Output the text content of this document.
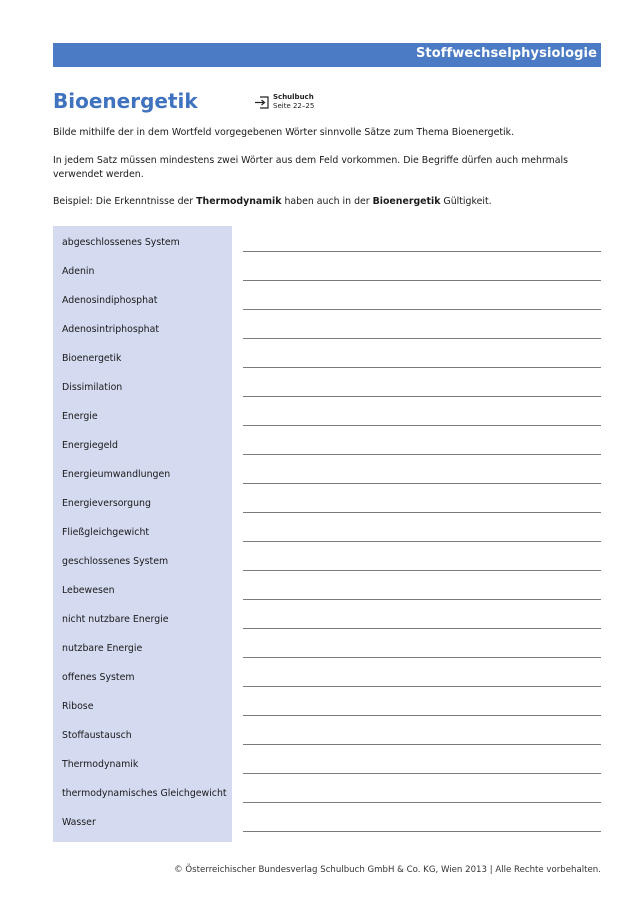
Stoffwechselphysiologie
Bioenergetik	Schulbuch
Seite 22–25

Bilde mithilfe der in dem Wortfeld vorgegebenen Wörter sinnvolle Sätze zum Thema Bioenergetik.

In jedem Satz müssen mindestens zwei Wörter aus dem Feld vorkommen. Die Begriffe dürfen auch mehrmals verwendet werden.

Beispiel: Die Erkenntnisse der Thermodynamik haben auch in der Bioenergetik Gültigkeit.

abgeschlossenes System
Adenin
Adenosindiphosphat
Adenosintriphosphat
Bioenergetik
Dissimilation
Energie
Energiegeld
Energieumwandlungen
Energieversorgung
Fließgleichgewicht
geschlossenes System
Lebewesen
nicht nutzbare Energie
nutzbare Energie
offenes System
Ribose
Stoffaustausch
Thermodynamik
thermodynamisches Gleichgewicht
Wasser
© Österreichischer Bundesverlag Schulbuch GmbH & Co. KG, Wien 2013 | Alle Rechte vorbehalten.
